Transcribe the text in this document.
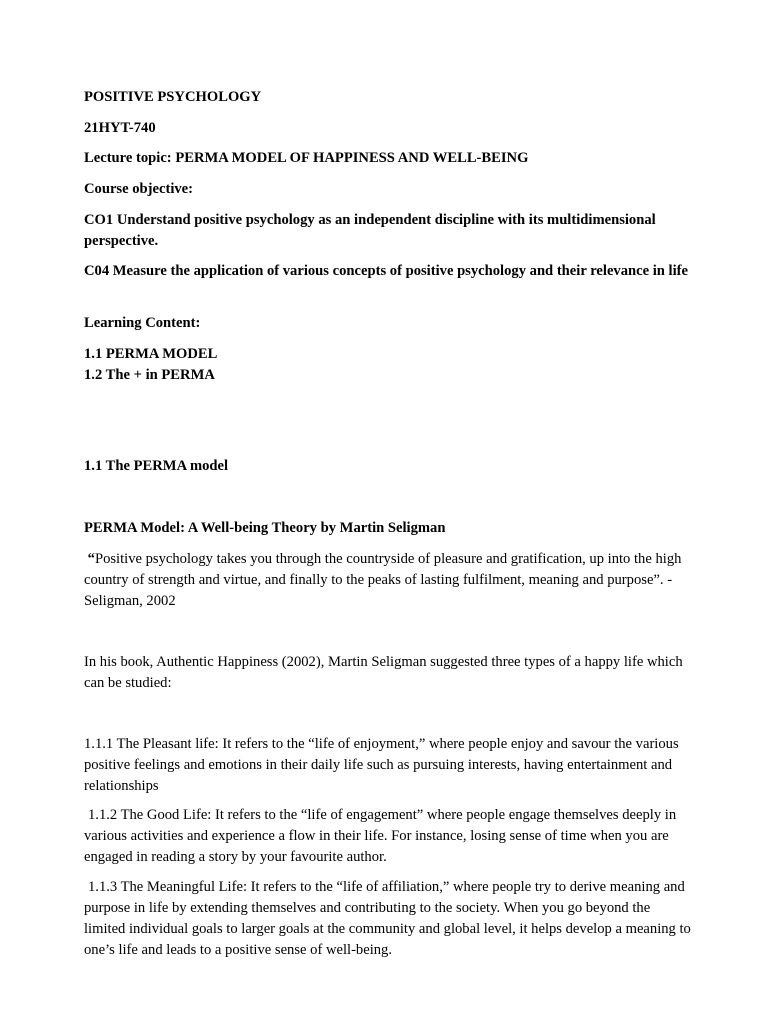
POSITIVE PSYCHOLOGY

21HYT-740

Lecture topic: PERMA MODEL OF HAPPINESS AND WELL-BEING

Course objective:

CO1 Understand positive psychology as an independent discipline with its multidimensional perspective.

C04 Measure the application of various concepts of positive psychology and their relevance in life

Learning Content:

1.1 PERMA MODEL

1.2 The + in PERMA

1.1 The PERMA model

PERMA Model: A Well-being Theory by Martin Seligman

“Positive psychology takes you through the countryside of pleasure and gratification, up into the high country of strength and virtue, and finally to the peaks of lasting fulfilment, meaning and purpose”. - Seligman, 2002

In his book, Authentic Happiness (2002), Martin Seligman suggested three types of a happy life which can be studied:

1.1.1 The Pleasant life: It refers to the “life of enjoyment,” where people enjoy and savour the various positive feelings and emotions in their daily life such as pursuing interests, having entertainment and relationships

1.1.2 The Good Life: It refers to the “life of engagement” where people engage themselves deeply in various activities and experience a flow in their life. For instance, losing sense of time when you are engaged in reading a story by your favourite author.

1.1.3 The Meaningful Life: It refers to the “life of affiliation,” where people try to derive meaning and purpose in life by extending themselves and contributing to the society. When you go beyond the limited individual goals to larger goals at the community and global level, it helps develop a meaning to one’s life and leads to a positive sense of well-being.
